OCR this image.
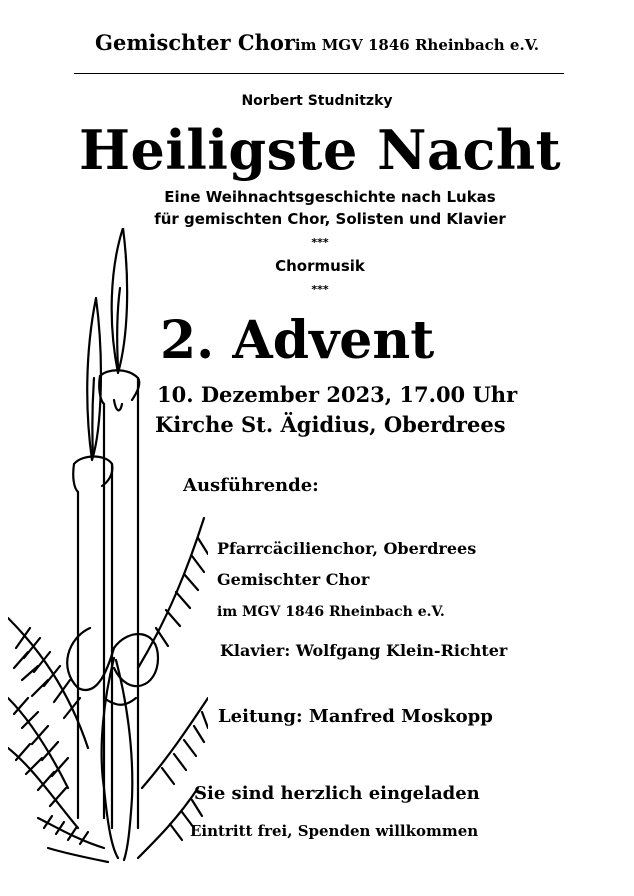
Gemischter Chorim MGV 1846 Rheinbach e.V.
Norbert Studnitzky
Heiligste Nacht
Eine Weihnachtsgeschichte nach Lukas
für gemischten Chor, Solisten und Klavier
***
Chormusik
***
2. Advent
10. Dezember 2023, 17.00 Uhr
Kirche St. Ägidius, Oberdrees
Ausführende:
Pfarrcäcilienchor, Oberdrees
Gemischter Chor
im MGV 1846 Rheinbach e.V.
Klavier: Wolfgang Klein-Richter
Leitung: Manfred Moskopp
Sie sind herzlich eingeladen
Eintritt frei, Spenden willkommen
